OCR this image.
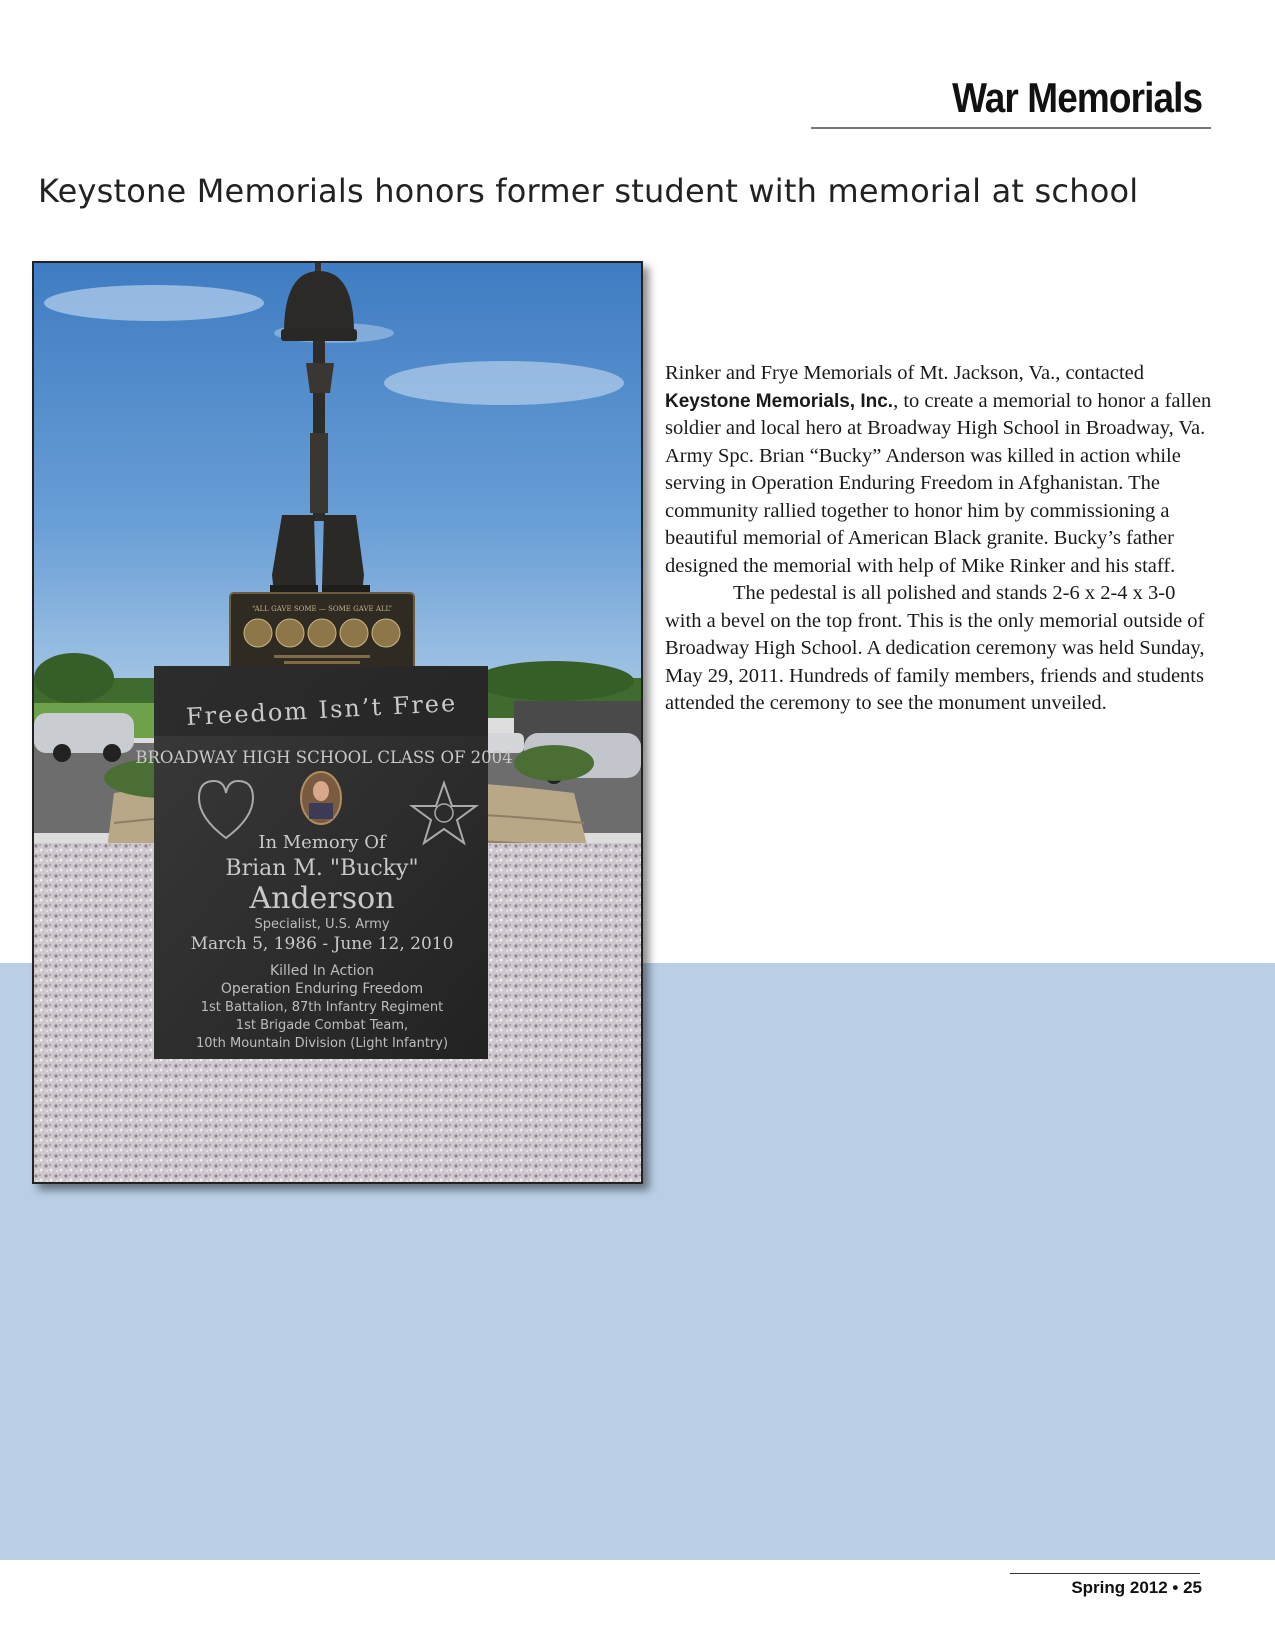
War Memorials
Keystone Memorials honors former student with memorial at school
“ALL GAVE SOME — SOME GAVE ALL”
Freedom Isn’t Free
BROADWAY HIGH SCHOOL CLASS OF 2004
In Memory Of
Brian M. "Bucky"
Anderson
Specialist, U.S. Army
March 5, 1986 - June 12, 2010
Killed In Action
Operation Enduring Freedom
1st Battalion, 87th Infantry Regiment
1st Brigade Combat Team,
10th Mountain Division (Light Infantry)

Rinker and Frye Memorials of Mt. Jackson, Va., contacted Keystone Memorials, Inc., to create a memorial to honor a fallen soldier and local hero at Broadway High School in Broadway, Va. Army Spc. Brian “Bucky” Anderson was killed in action while serving in Operation Enduring Freedom in Afghanistan. The community rallied together to honor him by commissioning a beautiful memorial of American Black granite. Bucky’s father designed the memorial with help of Mike Rinker and his staff.

The pedestal is all polished and stands 2-6 x 2-4 x 3-0 with a bevel on the top front. This is the only memorial outside of Broadway High School. A dedication ceremony was held Sunday, May 29, 2011. Hundreds of family members, friends and students attended the ceremony to see the monument unveiled.

Spring 2012 • 25
